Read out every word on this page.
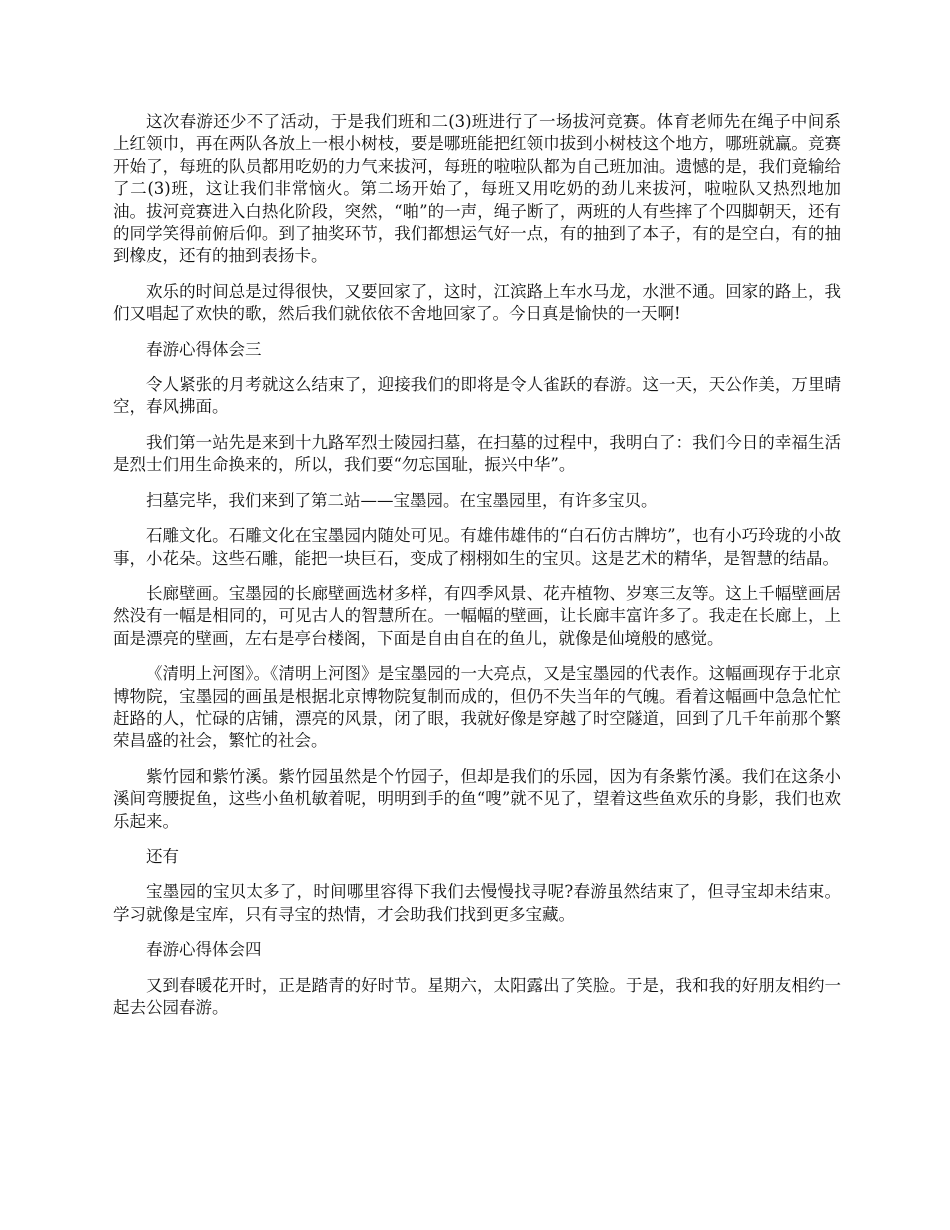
这次春游还少不了活动，于是我们班和二(3)班进行了一场拔河竞赛。体育老师先在绳子中间系上红领巾，再在两队各放上一根小树枝，要是哪班能把红领巾拔到小树枝这个地方，哪班就赢。竞赛开始了，每班的队员都用吃奶的力气来拔河，每班的啦啦队都为自己班加油。遗憾的是，我们竟输给了二(3)班，这让我们非常恼火。第二场开始了，每班又用吃奶的劲儿来拔河，啦啦队又热烈地加油。拔河竞赛进入白热化阶段，突然，“啪”的一声，绳子断了，两班的人有些摔了个四脚朝天，还有的同学笑得前俯后仰。到了抽奖环节，我们都想运气好一点，有的抽到了本子，有的是空白，有的抽到橡皮，还有的抽到表扬卡。

欢乐的时间总是过得很快，又要回家了，这时，江滨路上车水马龙，水泄不通。回家的路上，我们又唱起了欢快的歌，然后我们就依依不舍地回家了。今日真是愉快的一天啊!

春游心得体会三

令人紧张的月考就这么结束了，迎接我们的即将是令人雀跃的春游。这一天，天公作美，万里晴空，春风拂面。

我们第一站先是来到十九路军烈士陵园扫墓，在扫墓的过程中，我明白了：我们今日的幸福生活是烈士们用生命换来的，所以，我们要“勿忘国耻，振兴中华”。

扫墓完毕，我们来到了第二站——宝墨园。在宝墨园里，有许多宝贝。

石雕文化。石雕文化在宝墨园内随处可见。有雄伟雄伟的“白石仿古牌坊”，也有小巧玲珑的小故事，小花朵。这些石雕，能把一块巨石，变成了栩栩如生的宝贝。这是艺术的精华，是智慧的结晶。

长廊壁画。宝墨园的长廊壁画选材多样，有四季风景、花卉植物、岁寒三友等。这上千幅壁画居然没有一幅是相同的，可见古人的智慧所在。一幅幅的壁画，让长廊丰富许多了。我走在长廊上，上面是漂亮的壁画，左右是亭台楼阁，下面是自由自在的鱼儿，就像是仙境般的感觉。

《清明上河图》。《清明上河图》是宝墨园的一大亮点，又是宝墨园的代表作。这幅画现存于北京博物院，宝墨园的画虽是根据北京博物院复制而成的，但仍不失当年的气魄。看着这幅画中急急忙忙赶路的人，忙碌的店铺，漂亮的风景，闭了眼，我就好像是穿越了时空隧道，回到了几千年前那个繁荣昌盛的社会，繁忙的社会。

紫竹园和紫竹溪。紫竹园虽然是个竹园子，但却是我们的乐园，因为有条紫竹溪。我们在这条小溪间弯腰捉鱼，这些小鱼机敏着呢，明明到手的鱼“嗖”就不见了，望着这些鱼欢乐的身影，我们也欢乐起来。

还有

宝墨园的宝贝太多了，时间哪里容得下我们去慢慢找寻呢?春游虽然结束了，但寻宝却未结束。学习就像是宝库，只有寻宝的热情，才会助我们找到更多宝藏。

春游心得体会四

又到春暖花开时，正是踏青的好时节。星期六，太阳露出了笑脸。于是，我和我的好朋友相约一起去公园春游。
